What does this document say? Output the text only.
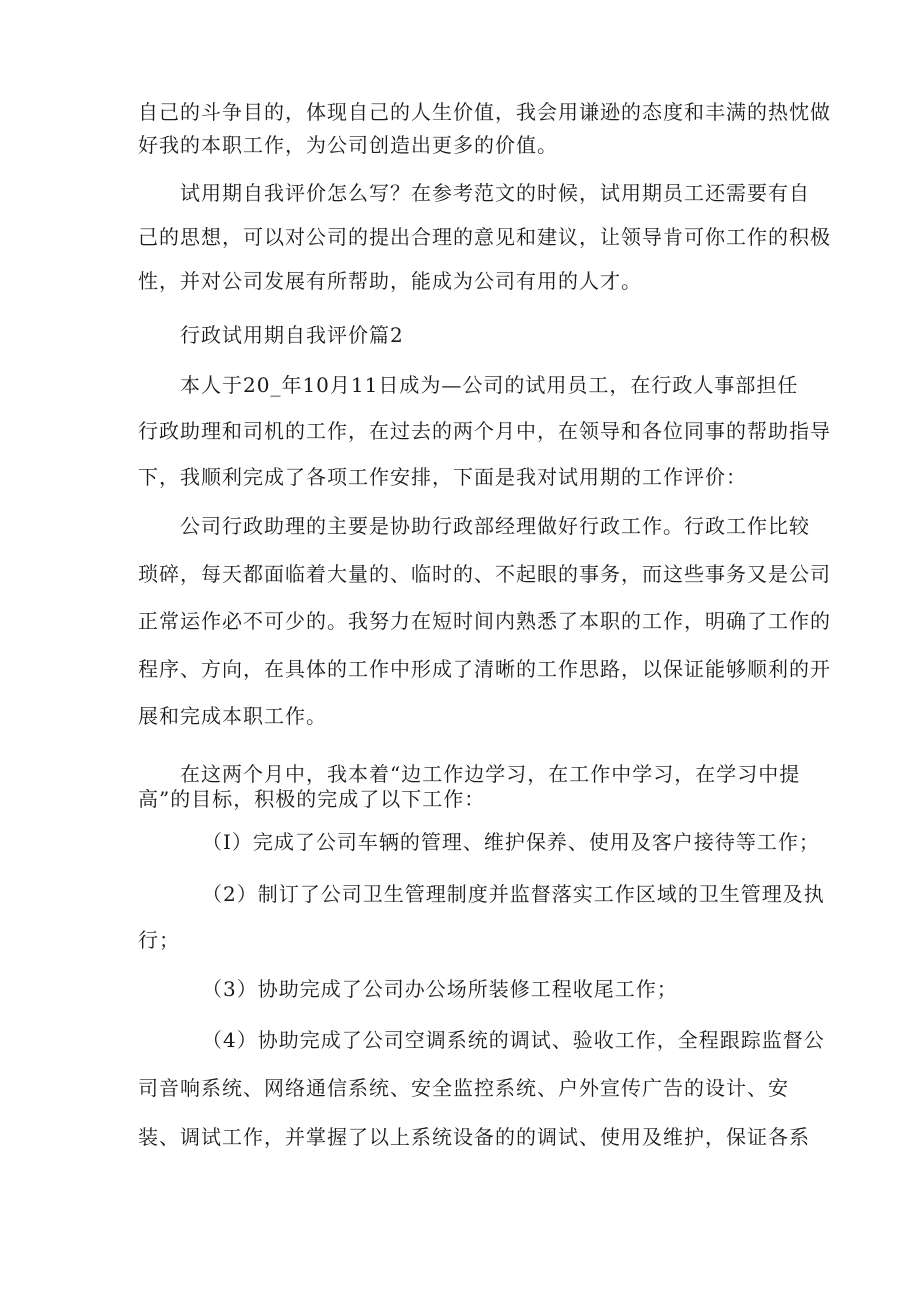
自己的斗争目的，体现自己的人生价值，我会用谦逊的态度和丰满的热忱做
好我的本职工作，为公司创造出更多的价值。
试用期自我评价怎么写？在参考范文的时候，试用期员工还需要有自
己的思想，可以对公司的提出合理的意见和建议，让领导肯可你工作的积极
性，并对公司发展有所帮助，能成为公司有用的人才。
行政试用期自我评价篇2
本人于20_年10月11日成为—公司的试用员工，在行政人事部担任
行政助理和司机的工作，在过去的两个月中，在领导和各位同事的帮助指导
下，我顺利完成了各项工作安排，下面是我对试用期的工作评价：
公司行政助理的主要是协助行政部经理做好行政工作。行政工作比较
琐碎，每天都面临着大量的、临时的、不起眼的事务，而这些事务又是公司
正常运作必不可少的。我努力在短时间内熟悉了本职的工作，明确了工作的
程序、方向，在具体的工作中形成了清晰的工作思路，以保证能够顺利的开
展和完成本职工作。
在这两个月中，我本着“边工作边学习，在工作中学习，在学习中提
高”的目标，积极的完成了以下工作：
（I）完成了公司车辆的管理、维护保养、使用及客户接待等工作；
（2）制订了公司卫生管理制度并监督落实工作区域的卫生管理及执
行；
（3）协助完成了公司办公场所装修工程收尾工作；
（4）协助完成了公司空调系统的调试、验收工作，全程跟踪监督公
司音响系统、网络通信系统、安全监控系统、户外宣传广告的设计、安
装、调试工作，并掌握了以上系统设备的的调试、使用及维护，保证各系
